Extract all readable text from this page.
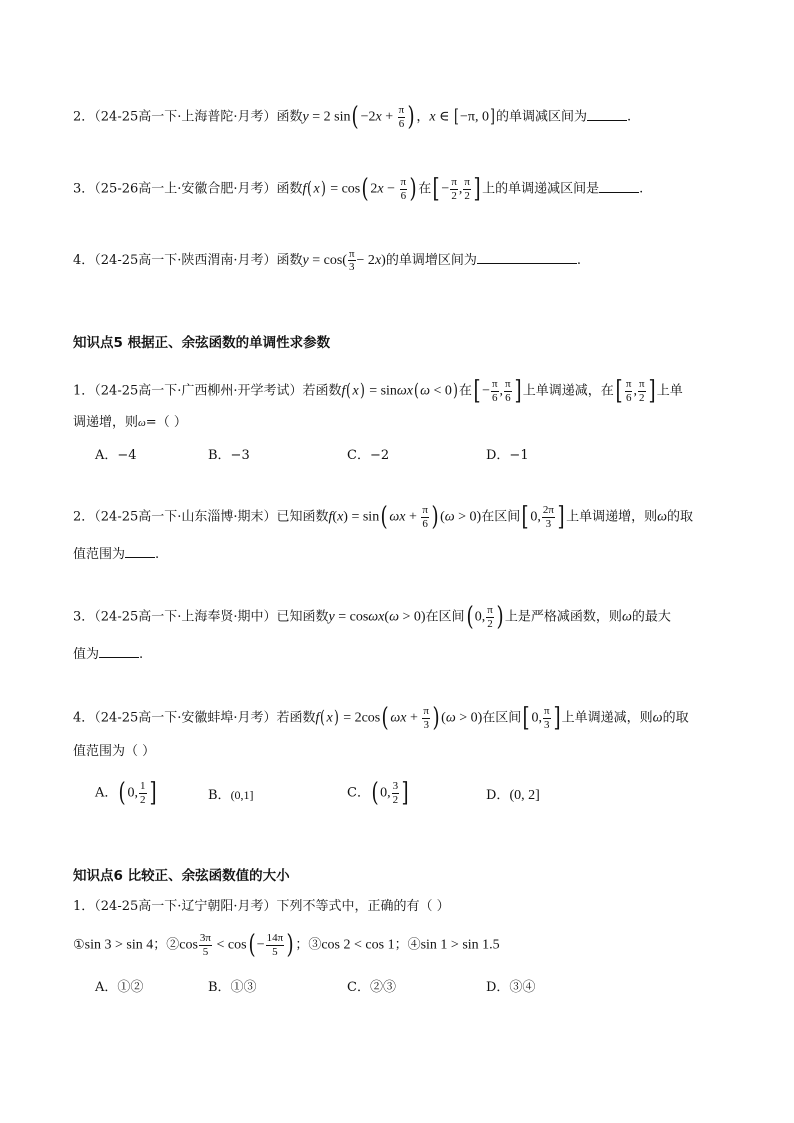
2．（24-25高一下·上海普陀·月考）函数y = 2 $\sin( -2x + \frac{\pi}{6}$ ) ，x ∈ [−π, 0]的单调减区间为	.
3．（25-26高一上·安徽合肥·月考）函数f(x) = cos( $2x - \frac{\pi}{6}$ ) 在[ − $\frac{\pi}{2}$ , $\frac{\pi}{2}$ ] 上的单调递减区间是	.
4．（24-25高一下·陕西渭南·月考）函数$y = \cos( \frac{\pi}{3} - 2x)$的单调增区间为	.
知识点5 根据正、余弦函数的单调性求参数
1．（24-25高一下·广西柳州·开学考试）若函数f(x) = sinωx(ω < 0)在[ − $\frac{\pi}{6}$ , $\frac{\pi}{6}$ ] 上单调递减，在[ $\frac{\pi}{6}$ , $\frac{\pi}{2}$ ] 上单
调递增，则ω=（ ）
A．−4	B．−3	C．−2	D．−1
2．（24-25高一下·山东淄博·期末）已知函数f(x) = sin( $\omega x + \frac{\pi}{6}$ ) (ω > 0)在区间[ 0, $\frac{2\pi}{3}$ ] 上单调递增，则ω的取
值范围为 .
3．（24-25高一下·上海奉贤·期中）已知函数y = cosωx(ω > 0)在区间( 0, $\frac{\pi}{2}$ ) 上是严格减函数，则ω的最大
值为	.
4．（24-25高一下·安徽蚌埠·月考）若函数f(x) = 2cos( $\omega x + \frac{\pi}{3}$ ) (ω > 0)在区间[ 0, $\frac{\pi}{3}$ ] 上单调递减，则ω的取
值范围为（ ）
A．( 0, $\frac{1}{2}$ ]	B．(0,1]	C．( 0, $\frac{3}{2}$ ]	D．(0, 2]
知识点6 比较正、余弦函数值的大小
1．（24-25高一下·辽宁朝阳·月考）下列不等式中，正确的有（ ）
①sin 3 > sin 4；②cos $\frac{3\pi}{5} < \cos( - \frac{14\pi}{5}$ ) ；③cos 2 < cos 1；④sin 1 > sin 1.5
A．①②	B．①③	C．②③	D．③④
